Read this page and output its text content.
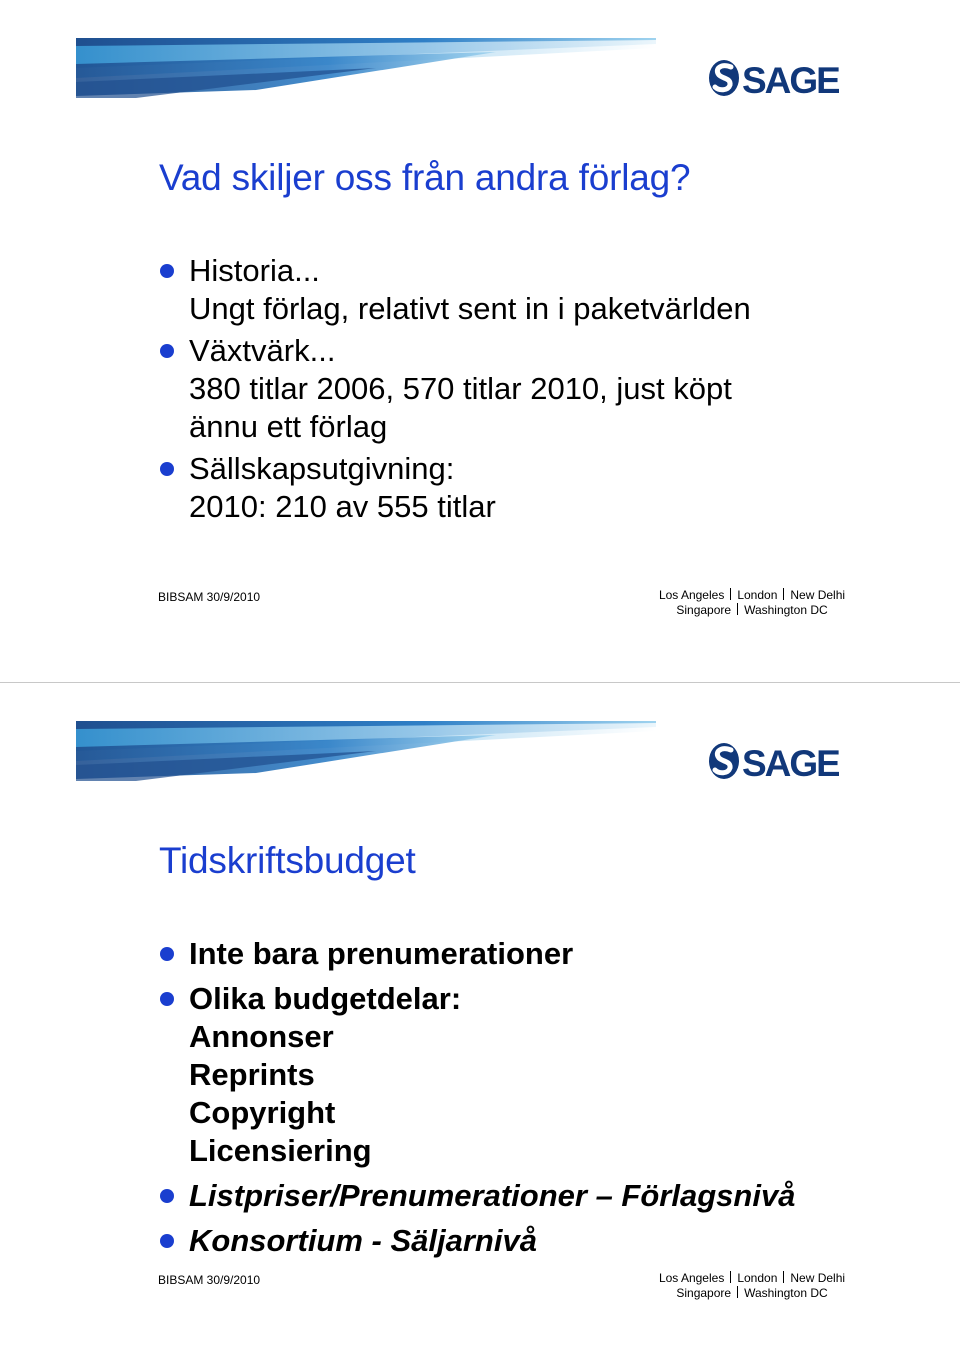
SAGE
Vad skiljer oss från andra förlag?
Historia...
Ungt förlag, relativt sent in i paketvärlden
Växtvärk...
380 titlar 2006, 570 titlar 2010, just köpt
ännu ett förlag
Sällskapsutgivning:
2010: 210 av 555 titlar
BIBSAM 30/9/2010	Los Angeles London New Delhi
Singapore Washington DC
SAGE
Tidskriftsbudget
Inte bara prenumerationer
Olika budgetdelar:
Annonser
Reprints
Copyright
Licensiering
Listpriser/Prenumerationer – Förlagsnivå
Konsortium - Säljarnivå
BIBSAM 30/9/2010	Los Angeles London New Delhi
Singapore Washington DC
